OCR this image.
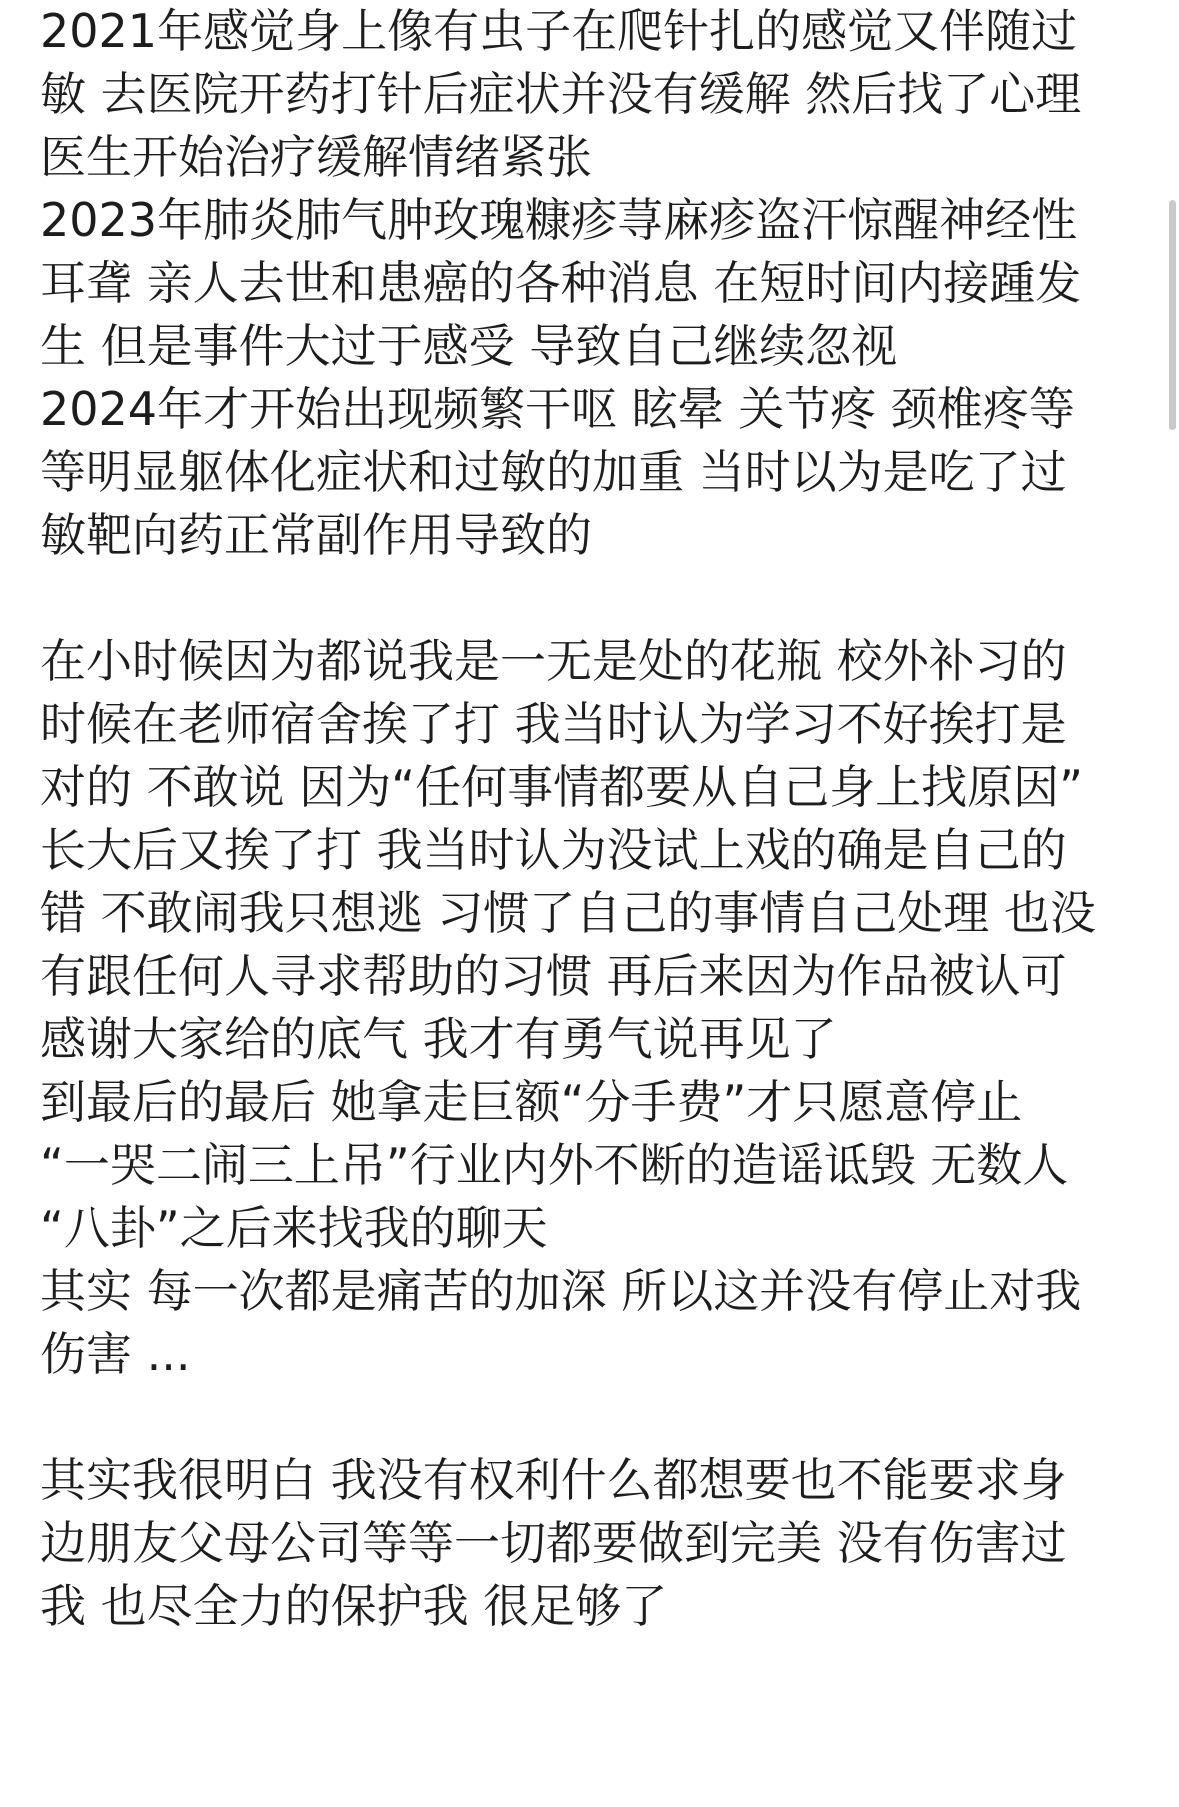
2021年感觉身上像有虫子在爬针扎的感觉又伴随过
敏 去医院开药打针后症状并没有缓解 然后找了心理
医生开始治疗缓解情绪紧张
2023年肺炎肺气肿玫瑰糠疹荨麻疹盗汗惊醒神经性
耳聋 亲人去世和患癌的各种消息 在短时间内接踵发
生 但是事件大过于感受 导致自己继续忽视
2024年才开始出现频繁干呕 眩晕 关节疼 颈椎疼等
等明显躯体化症状和过敏的加重 当时以为是吃了过
敏靶向药正常副作用导致的
在小时候因为都说我是一无是处的花瓶 校外补习的
时候在老师宿舍挨了打 我当时认为学习不好挨打是
对的 不敢说 因为“任何事情都要从自己身上找原因”
长大后又挨了打 我当时认为没试上戏的确是自己的
错 不敢闹我只想逃 习惯了自己的事情自己处理 也没
有跟任何人寻求帮助的习惯 再后来因为作品被认可
感谢大家给的底气 我才有勇气说再见了
到最后的最后 她拿走巨额“分手费”才只愿意停止
“一哭二闹三上吊”行业内外不断的造谣诋毁 无数人
“八卦”之后来找我的聊天
其实 每一次都是痛苦的加深 所以这并没有停止对我
伤害 ...
其实我很明白 我没有权利什么都想要也不能要求身
边朋友父母公司等等一切都要做到完美 没有伤害过
我 也尽全力的保护我 很足够了
